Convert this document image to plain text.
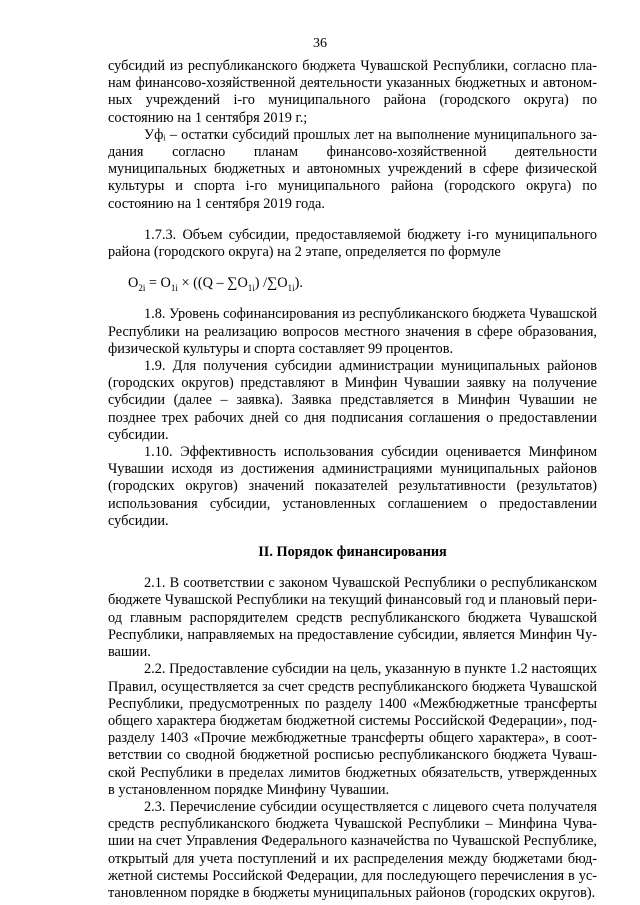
36

субсидий из республиканского бюджета Чувашской Республики, согласно планам финансово-хозяйственной деятельности указанных бюджетных и автономных учреждений i-го муниципального района (городского округа) по состоянию на 1 сентября 2019 г.;

Уфᵢ – остатки субсидий прошлых лет на выполнение муниципального задания согласно планам финансово-хозяйственной деятельности муниципальных бюджетных и автономных учреждений в сфере физической культуры и спорта i-го муниципального района (городского округа) по состоянию на 1 сентября 2019 года.

1.7.3. Объем субсидии, предоставляемой бюджету i-го муниципального района (городского округа) на 2 этапе, определяется по формуле

$О_{2i} = О_{1i} \times ((Q - \sum О_{1i})$ $/\sum О_{1i}$).

1.8. Уровень софинансирования из республиканского бюджета Чувашской Республики на реализацию вопросов местного значения в сфере образования, физической культуры и спорта составляет 99 процентов.

1.9. Для получения субсидии администрации муниципальных районов (городских округов) представляют в Минфин Чувашии заявку на получение субсидии (далее – заявка). Заявка представляется в Минфин Чувашии не позднее трех рабочих дней со дня подписания соглашения о предоставлении субсидии.

1.10. Эффективность использования субсидии оценивается Минфином Чувашии исходя из достижения администрациями муниципальных районов (городских округов) значений показателей результативности (результатов) использования субсидии, установленных соглашением о предоставлении субсидии.

II. Порядок финансирования

2.1. В соответствии с законом Чувашской Республики о республиканском бюджете Чувашской Республики на текущий финансовый год и плановый период главным распорядителем средств республиканского бюджета Чувашской Республики, направляемых на предоставление субсидии, является Минфин Чувашии.

2.2. Предоставление субсидии на цель, указанную в пункте 1.2 настоящих Правил, осуществляется за счет средств республиканского бюджета Чувашской Республики, предусмотренных по разделу 1400 «Межбюджетные трансферты общего характера бюджетам бюджетной системы Российской Федерации», подразделу 1403 «Прочие межбюджетные трансферты общего характера», в соответствии со сводной бюджетной росписью республиканского бюджета Чувашской Республики в пределах лимитов бюджетных обязательств, утвержденных в установленном порядке Минфину Чувашии.

2.3. Перечисление субсидии осуществляется с лицевого счета получателя средств республиканского бюджета Чувашской Республики – Минфина Чувашии на счет Управления Федерального казначейства по Чувашской Республике, открытый для учета поступлений и их распределения между бюджетами бюджетной системы Российской Федерации, для последующего перечисления в установленном порядке в бюджеты муниципальных районов (городских округов).
